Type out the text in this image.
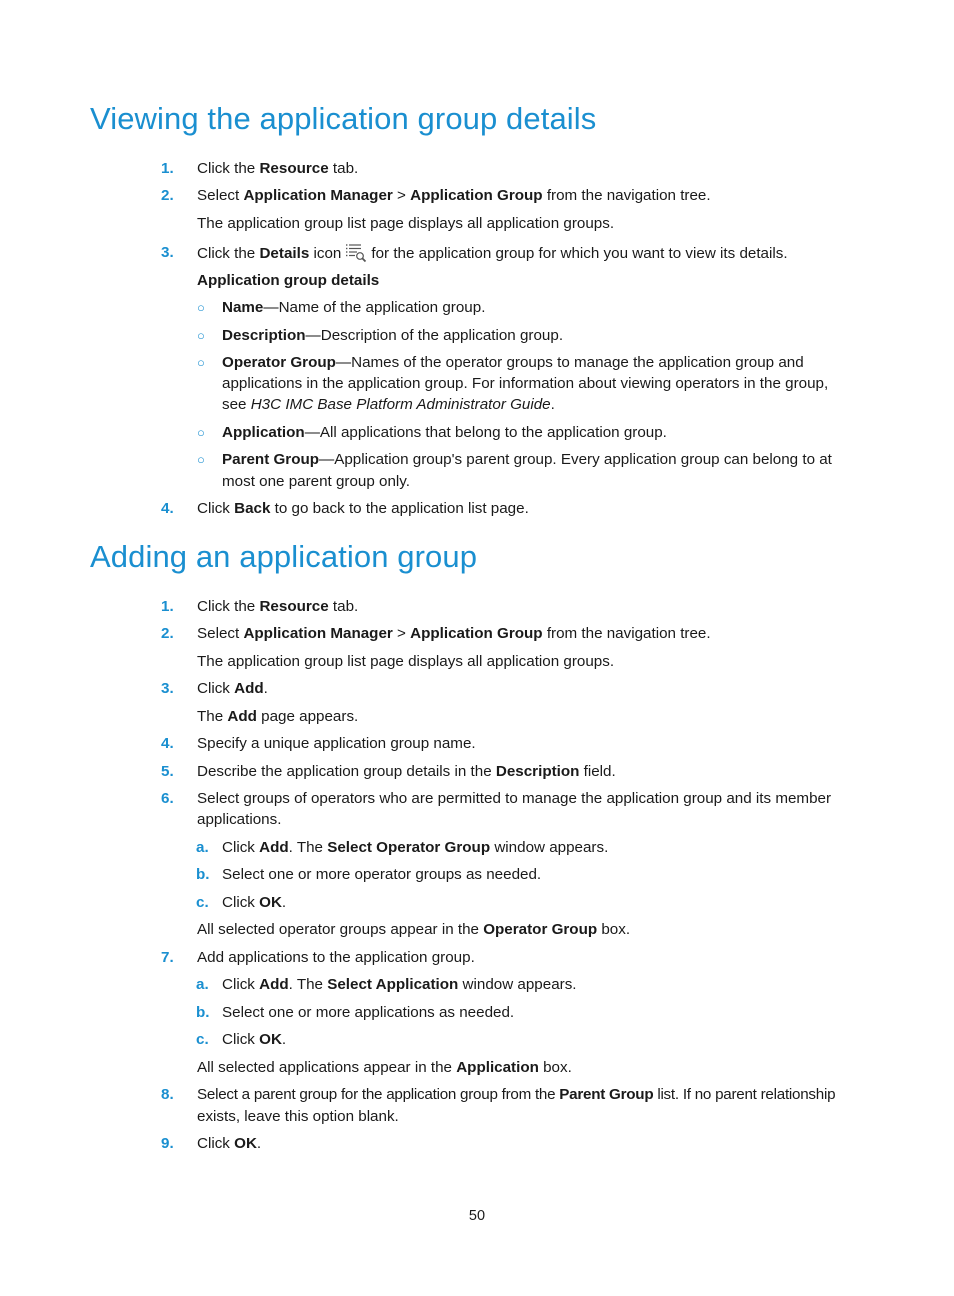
Viewing the application group details
1. Click the Resource tab.
2. Select Application Manager > Application Group from the navigation tree.
The application group list page displays all application groups.
3. Click the Details icon for the application group for which you want to view its details.
Application group details
○ Name—Name of the application group.
○ Description—Description of the application group.
○ Operator Group—Names of the operator groups to manage the application group and
applications in the application group. For information about viewing operators in the group,
see H3C IMC Base Platform Administrator Guide.
○ Application—All applications that belong to the application group.
○ Parent Group—Application group's parent group. Every application group can belong to at
most one parent group only.
4. Click Back to go back to the application list page.
Adding an application group
1. Click the Resource tab.
2. Select Application Manager > Application Group from the navigation tree.
The application group list page displays all application groups.
3. Click Add.
The Add page appears.
4. Specify a unique application group name.
5. Describe the application group details in the Description field.
6. Select groups of operators who are permitted to manage the application group and its member
applications.
a. Click Add. The Select Operator Group window appears.
b. Select one or more operator groups as needed.
c. Click OK.
All selected operator groups appear in the Operator Group box.
7. Add applications to the application group.
a. Click Add. The Select Application window appears.
b. Select one or more applications as needed.
c. Click OK.
All selected applications appear in the Application box.
8. Select a parent group for the application group from the Parent Group list. If no parent relationship
exists, leave this option blank.
9. Click OK.
50
